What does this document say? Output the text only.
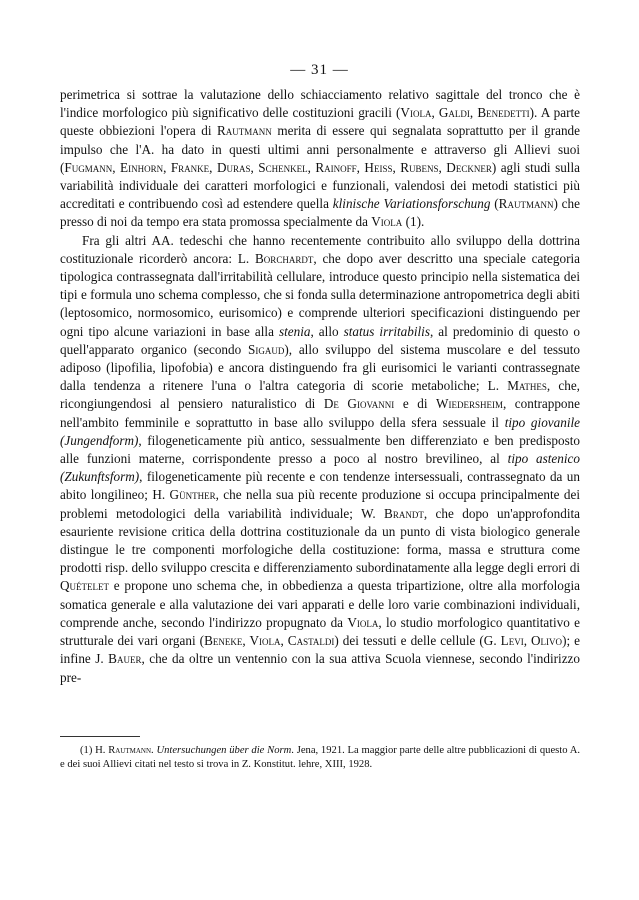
— 31 —

perimetrica si sottrae la valutazione dello schiacciamento relativo sagittale del tronco che è l'indice morfologico più significativo delle costituzioni gracili (Viola, Galdi, Benedetti). A parte queste obbiezioni l'opera di Rautmann merita di essere qui segnalata soprattutto per il grande impulso che l'A. ha dato in questi ultimi anni personalmente e attraverso gli Allievi suoi (Fugmann, Einhorn, Franke, Duras, Schenkel, Rainoff, Heiss, Rubens, Deckner) agli studi sulla variabilità individuale dei caratteri morfologici e funzionali, valendosi dei metodi statistici più accreditati e contribuendo così ad estendere quella klinische Variationsforschung (Rautmann) che presso di noi da tempo era stata promossa specialmente da Viola (1).

Fra gli altri AA. tedeschi che hanno recentemente contribuito allo sviluppo della dottrina costituzionale ricorderò ancora: L. Borchardt, che dopo aver descritto una speciale categoria tipologica contrassegnata dall'irritabilità cellulare, introduce questo principio nella sistematica dei tipi e formula uno schema complesso, che si fonda sulla determinazione antropometrica degli abiti (leptosomico, normosomico, eurisomico) e comprende ulteriori specificazioni distinguendo per ogni tipo alcune variazioni in base alla stenia, allo status irritabilis, al predominio di questo o quell'apparato organico (secondo Sigaud), allo sviluppo del sistema muscolare e del tessuto adiposo (lipofilia, lipofobia) e ancora distinguendo fra gli eurisomici le varianti contrassegnate dalla tendenza a ritenere l'una o l'altra categoria di scorie metaboliche; L. Mathes, che, ricongiungendosi al pensiero naturalistico di De Giovanni e di Wiedersheim, contrappone nell'ambito femminile e soprattutto in base allo sviluppo della sfera sessuale il tipo giovanile (Jungendform), filogeneticamente più antico, sessualmente ben differenziato e ben predisposto alle funzioni materne, corrispondente presso a poco al nostro brevilineo, al tipo astenico (Zukunftsform), filogeneticamente più recente e con tendenze intersessuali, contrassegnato da un abito longilineo; H. Günther, che nella sua più recente produzione si occupa principalmente dei problemi metodologici della variabilità individuale; W. Brandt, che dopo un'approfondita esauriente revisione critica della dottrina costituzionale da un punto di vista biologico generale distingue le tre componenti morfologiche della costituzione: forma, massa e struttura come prodotti risp. dello sviluppo crescita e differenziamento subordinatamente alla legge degli errori di Quételet e propone uno schema che, in obbedienza a questa tripartizione, oltre alla morfologia somatica generale e alla valutazione dei vari apparati e delle loro varie combinazioni individuali, comprende anche, secondo l'indirizzo propugnato da Viola, lo studio morfologico quantitativo e strutturale dei vari organi (Beneke, Viola, Castaldi) dei tessuti e delle cellule (G. Levi, Olivo); e infine J. Bauer, che da oltre un ventennio con la sua attiva Scuola viennese, secondo l'indirizzo pre-

(1) H. Rautmann. Untersuchungen über die Norm. Jena, 1921. La maggior parte delle altre pubblicazioni di questo A. e dei suoi Allievi citati nel testo si trova in Z. Konstitut. lehre, XIII, 1928.
